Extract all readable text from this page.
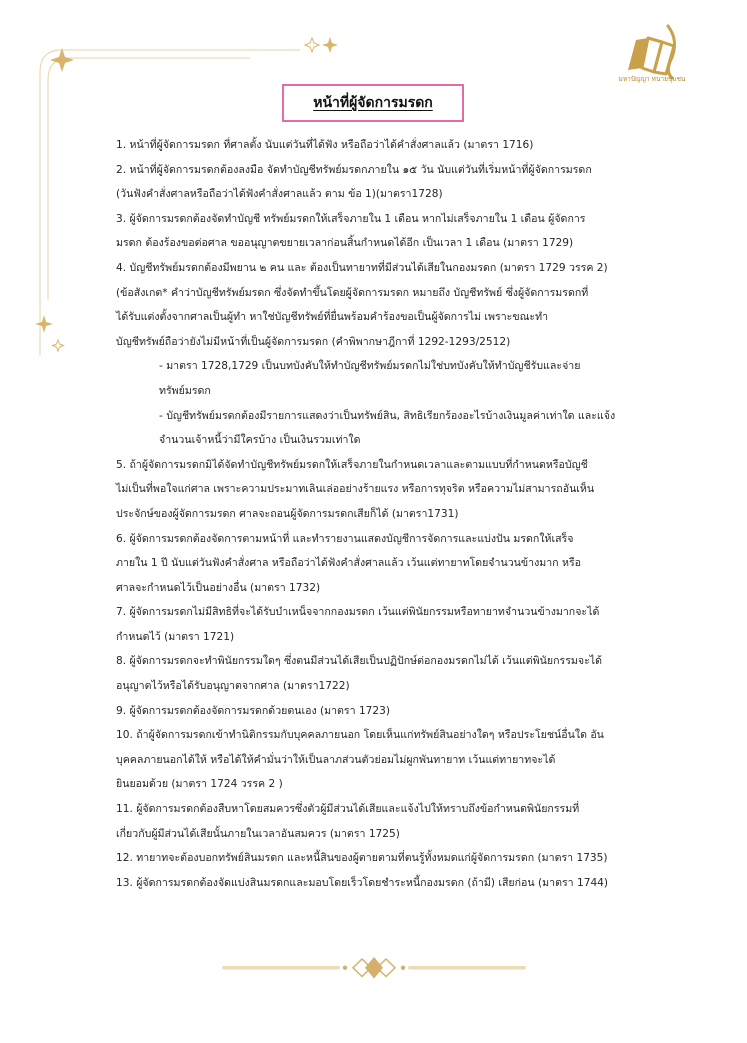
มหาปัญญา ทนายชุมชน
หน้าที่ผู้จัดการมรดก

1. หน้าที่ผู้จัดการมรดก ที่ศาลตั้ง นับแต่วันที่ได้ฟัง หรือถือว่าได้คำสั่งศาลแล้ว (มาตรา 1716)

2. หน้าที่ผู้จัดการมรดกต้องลงมือ จัดทำบัญชีทรัพย์มรดกภายใน ๑๕ วัน นับแต่วันที่เริ่มหน้าที่ผู้จัดการมรดก

(วันฟังคำสั่งศาลหรือถือว่าได้ฟังคำสั่งศาลแล้ว ตาม ข้อ 1)(มาตรา1728)

3. ผู้จัดการมรดกต้องจัดทำบัญชี ทรัพย์มรดกให้เสร็จภายใน 1 เดือน หากไม่เสร็จภายใน 1 เดือน ผู้จัดการ

มรดก ต้องร้องขอต่อศาล ขออนุญาตขยายเวลาก่อนสิ้นกำหนดได้อีก เป็นเวลา 1 เดือน (มาตรา 1729)

4. บัญชีทรัพย์มรดกต้องมีพยาน ๒ คน และ ต้องเป็นทายาทที่มีส่วนได้เสียในกองมรดก (มาตรา 1729 วรรค 2)

(ข้อสังเกต* คำว่าบัญชีทรัพย์มรดก ซึ่งจัดทำขึ้นโดยผู้จัดการมรดก หมายถึง บัญชีทรัพย์ ซึ่งผู้จัดการมรดกที่

ได้รับแต่งตั้งจากศาลเป็นผู้ทำ หาใช่บัญชีทรัพย์ที่ยื่นพร้อมคำร้องขอเป็นผู้จัดการไม่ เพราะขณะทำ

บัญชีทรัพย์ถือว่ายังไม่มีหน้าที่เป็นผู้จัดการมรดก (คำพิพากษาฎีกาที่ 1292-1293/2512)

- มาตรา 1728,1729 เป็นบทบังคับให้ทำบัญชีทรัพย์มรดกไม่ใช่บทบังคับให้ทำบัญชีรับและจ่าย

ทรัพย์มรดก

- บัญชีทรัพย์มรดกต้องมีรายการแสดงว่าเป็นทรัพย์สิน, สิทธิเรียกร้องอะไรบ้างเงินมูลค่าเท่าใด และแจ้ง

จำนวนเจ้าหนี้ว่ามีใครบ้าง เป็นเงินรวมเท่าใด

5. ถ้าผู้จัดการมรดกมิได้จัดทำบัญชีทรัพย์มรดกให้เสร็จภายในกำหนดเวลาและตามแบบที่กำหนดหรือบัญชี

ไม่เป็นที่พอใจแก่ศาล เพราะความประมาทเลินเล่ออย่างร้ายแรง หรือการทุจริต หรือความไม่สามารถอันเห็น

ประจักษ์ของผู้จัดการมรดก ศาลจะถอนผู้จัดการมรดกเสียก็ได้ (มาตรา1731)

6. ผู้จัดการมรดกต้องจัดการตามหน้าที่ และทำรายงานแสดงบัญชีการจัดการและแบ่งปัน มรดกให้เสร็จ

ภายใน 1 ปี นับแต่วันฟังคำสั่งศาล หรือถือว่าได้ฟังคำสั่งศาลแล้ว เว้นแต่ทายาทโดยจำนวนข้างมาก หรือ

ศาลจะกำหนดไว้เป็นอย่างอื่น (มาตรา 1732)

7. ผู้จัดการมรดกไม่มีสิทธิที่จะได้รับบำเหน็จจากกองมรดก เว้นแต่พินัยกรรมหรือทายาทจำนวนข้างมากจะได้

กำหนดไว้ (มาตรา 1721)

8. ผู้จัดการมรดกจะทำพินัยกรรมใดๆ ซึ่งตนมีส่วนได้เสียเป็นปฏิปักษ์ต่อกองมรดกไม่ได้ เว้นแต่พินัยกรรมจะได้

อนุญาตไว้หรือได้รับอนุญาตจากศาล (มาตรา1722)

9. ผู้จัดการมรดกต้องจัดการมรดกด้วยตนเอง (มาตรา 1723)

10. ถ้าผู้จัดการมรดกเข้าทำนิติกรรมกับบุคคลภายนอก โดยเห็นแก่ทรัพย์สินอย่างใดๆ หรือประโยชน์อื่นใด อัน

บุคคลภายนอกได้ให้ หรือได้ให้คำมั่นว่าให้เป็นลาภส่วนตัวย่อมไม่ผูกพันทายาท เว้นแต่ทายาทจะได้

ยินยอมด้วย (มาตรา 1724 วรรค 2 )

11. ผู้จัดการมรดกต้องสืบหาโดยสมควรซึ่งตัวผู้มีส่วนได้เสียและแจ้งไปให้ทราบถึงข้อกำหนดพินัยกรรมที่

เกี่ยวกับผู้มีส่วนได้เสียนั้นภายในเวลาอันสมควร (มาตรา 1725)

12. ทายาทจะต้องบอกทรัพย์สินมรดก และหนี้สินของผู้ตายตามที่ตนรู้ทั้งหมดแก่ผู้จัดการมรดก (มาตรา 1735)

13. ผู้จัดการมรดกต้องจัดแบ่งสินมรดกและมอบโดยเร็วโดยชำระหนี้กองมรดก (ถ้ามี) เสียก่อน (มาตรา 1744)
